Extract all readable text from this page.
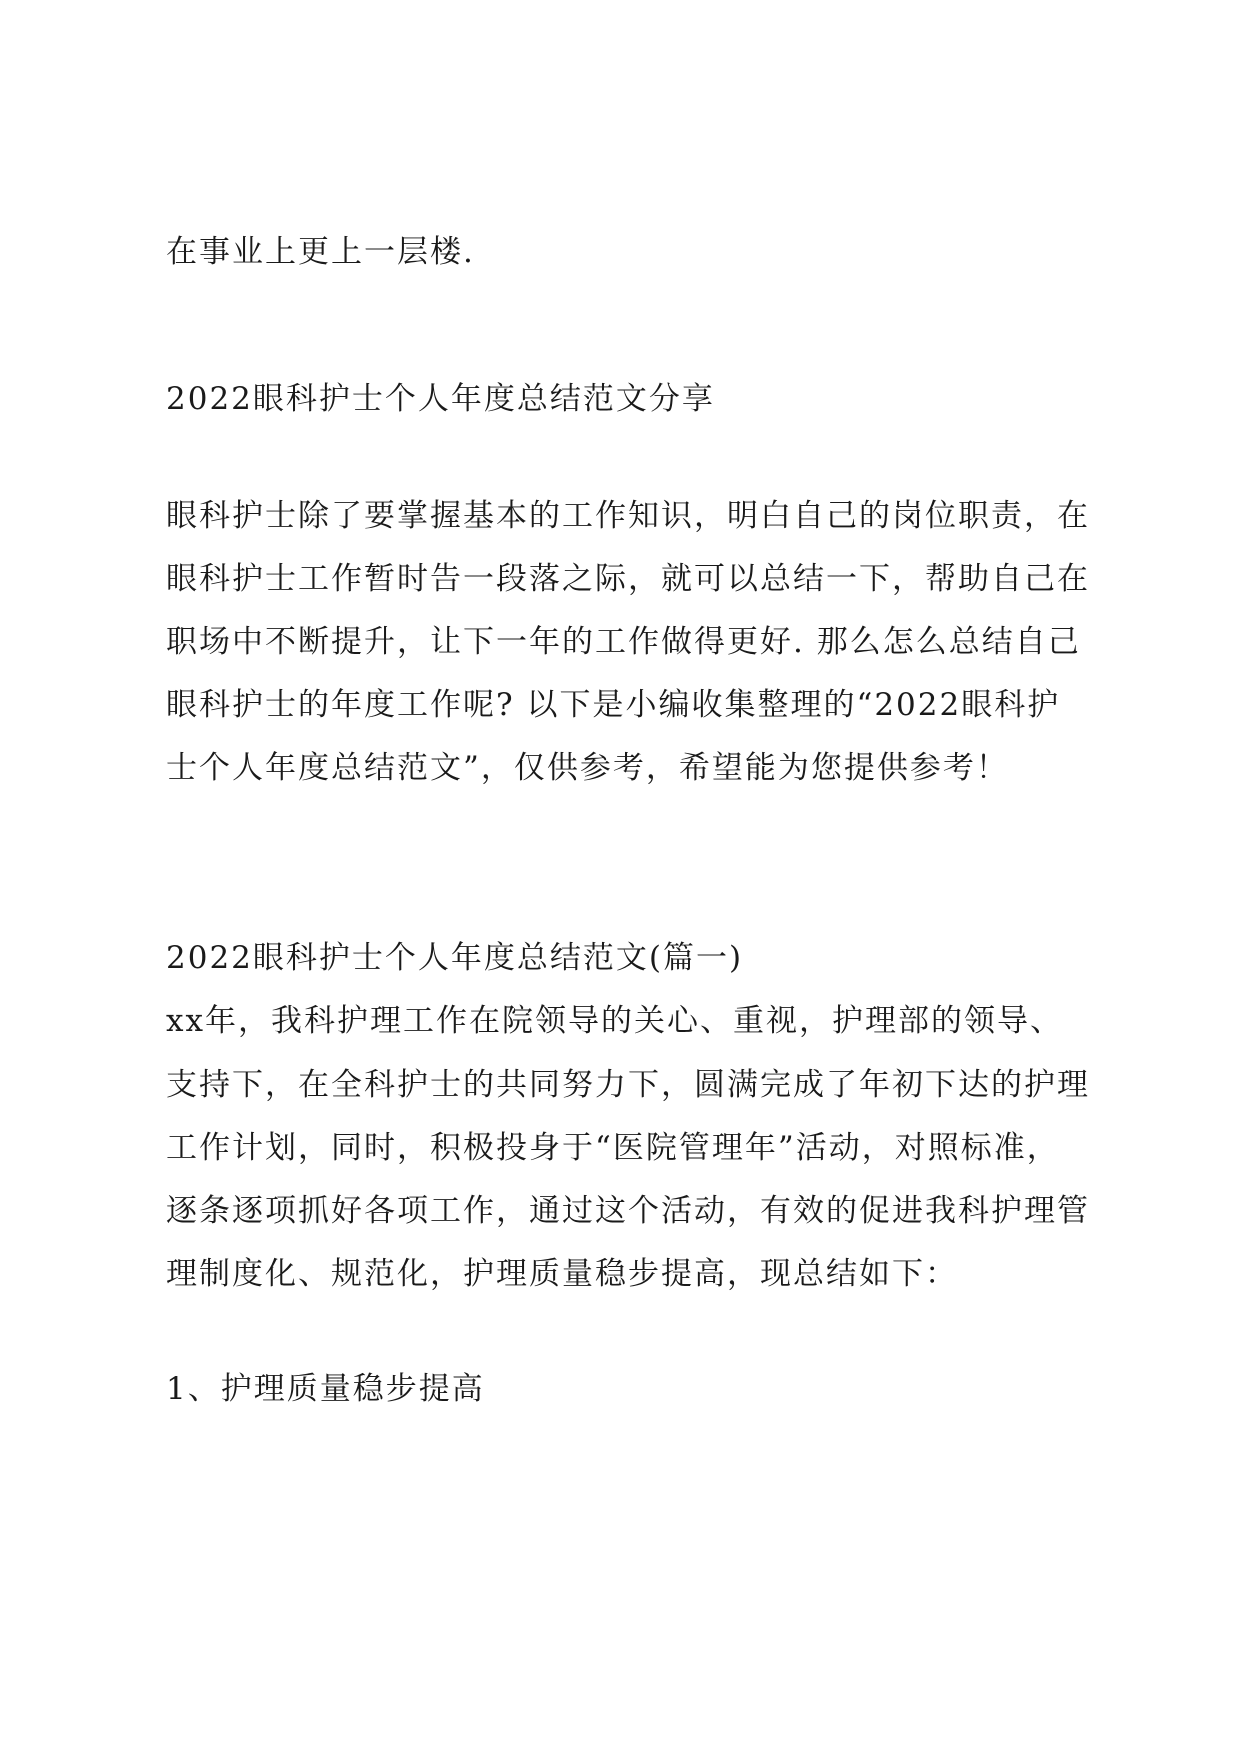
在事业上更上一层楼.
2022眼科护士个人年度总结范文分享
眼科护士除了要掌握基本的工作知识，明白自己的岗位职责，在
眼科护士工作暂时告一段落之际，就可以总结一下，帮助自己在
职场中不断提升，让下一年的工作做得更好. 那么怎么总结自己
眼科护士的年度工作呢? 以下是小编收集整理的“2022眼科护
士个人年度总结范文”，仅供参考，希望能为您提供参考！
2022眼科护士个人年度总结范文(篇一)
xx年，我科护理工作在院领导的关心、重视，护理部的领导、
支持下，在全科护士的共同努力下，圆满完成了年初下达的护理
工作计划，同时，积极投身于“医院管理年”活动，对照标准，
逐条逐项抓好各项工作，通过这个活动，有效的促进我科护理管
理制度化、规范化，护理质量稳步提高，现总结如下：
1、护理质量稳步提高
